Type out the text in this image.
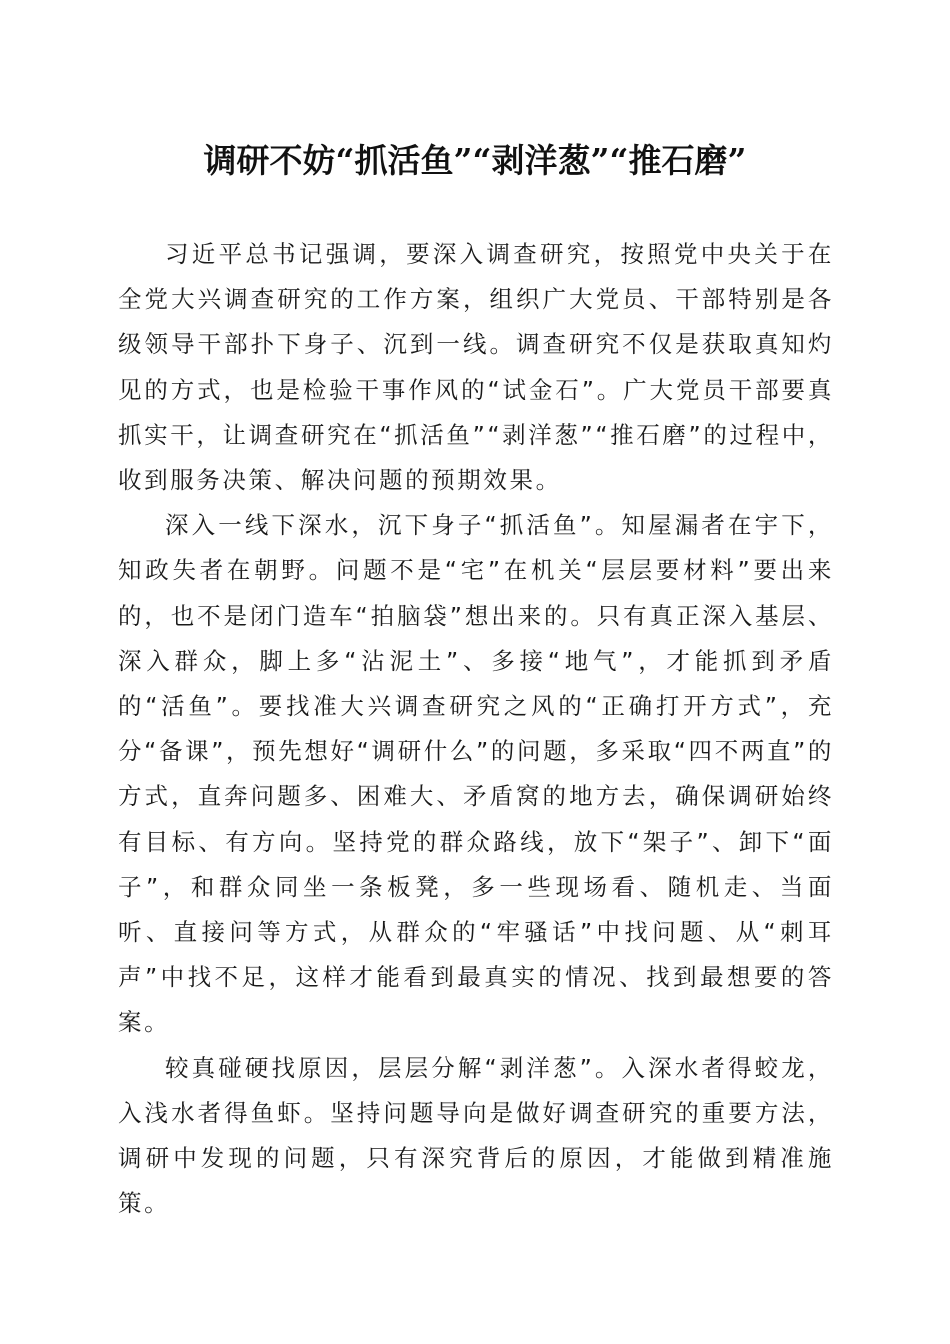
调研不妨“抓活鱼”“剥洋葱”“推石磨”

习近平总书记强调，要深入调查研究，按照党中央关于在全党大兴调查研究的工作方案，组织广大党员、干部特别是各级领导干部扑下身子、沉到一线。调查研究不仅是获取真知灼见的方式，也是检验干事作风的“试金石”。广大党员干部要真抓实干，让调查研究在“抓活鱼”“剥洋葱”“推石磨”的过程中，收到服务决策、解决问题的预期效果。

深入一线下深水，沉下身子“抓活鱼”。知屋漏者在宇下，知政失者在朝野。问题不是“宅”在机关“层层要材料”要出来的，也不是闭门造车“拍脑袋”想出来的。只有真正深入基层、深入群众，脚上多“沾泥土”、多接“地气”，才能抓到矛盾的“活鱼”。要找准大兴调查研究之风的“正确打开方式”，充分“备课”，预先想好“调研什么”的问题，多采取“四不两直”的方式，直奔问题多、困难大、矛盾窝的地方去，确保调研始终有目标、有方向。坚持党的群众路线，放下“架子”、卸下“面子”，和群众同坐一条板凳，多一些现场看、随机走、当面听、直接问等方式，从群众的“牢骚话”中找问题、从“刺耳声”中找不足，这样才能看到最真实的情况、找到最想要的答案。

较真碰硬找原因，层层分解“剥洋葱”。入深水者得蛟龙，入浅水者得鱼虾。坚持问题导向是做好调查研究的重要方法，调研中发现的问题，只有深究背后的原因，才能做到精准施策。
